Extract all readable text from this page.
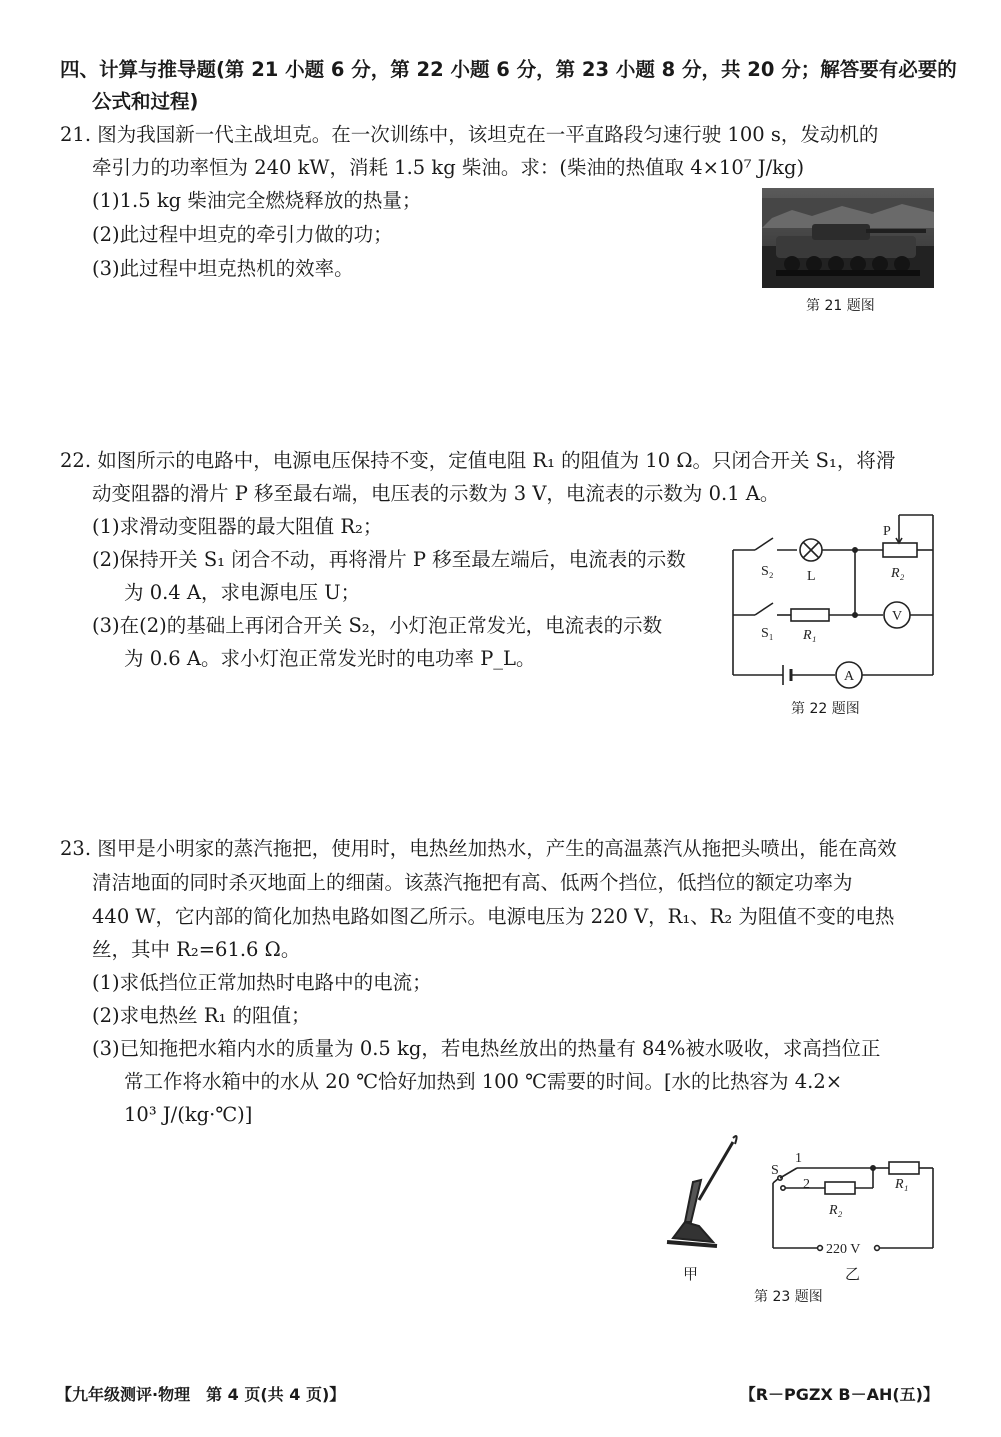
四、计算与推导题(第 21 小题 6 分，第 22 小题 6 分，第 23 小题 8 分，共 20 分；解答要有必要的
公式和过程)
21. 图为我国新一代主战坦克。在一次训练中，该坦克在一平直路段匀速行驶 100 s，发动机的
牵引力的功率恒为 240 kW，消耗 1.5 kg 柴油。求：(柴油的热值取 4×10⁷ J/kg)
(1)1.5 kg 柴油完全燃烧释放的热量；
(2)此过程中坦克的牵引力做的功；
(3)此过程中坦克热机的效率。
第 21 题图
22. 如图所示的电路中，电源电压保持不变，定值电阻 R₁ 的阻值为 10 Ω。只闭合开关 S₁，将滑
动变阻器的滑片 P 移至最右端，电压表的示数为 3 V，电流表的示数为 0.1 A。
(1)求滑动变阻器的最大阻值 R₂；
(2)保持开关 S₁ 闭合不动，再将滑片 P 移至最左端后，电流表的示数
为 0.4 A，求电源电压 U；
(3)在(2)的基础上再闭合开关 S₂，小灯泡正常发光，电流表的示数
为 0.6 A。求小灯泡正常发光时的电功率 P_L。
S₂ L
P
R₂
S₁ R₁
V
A
第 22 题图
23. 图甲是小明家的蒸汽拖把，使用时，电热丝加热水，产生的高温蒸汽从拖把头喷出，能在高效
清洁地面的同时杀灭地面上的细菌。该蒸汽拖把有高、低两个挡位，低挡位的额定功率为
440 W，它内部的简化加热电路如图乙所示。电源电压为 220 V，R₁、R₂ 为阻值不变的电热
丝，其中 R₂=61.6 Ω。
(1)求低挡位正常加热时电路中的电流；
(2)求电热丝 R₁ 的阻值；
(3)已知拖把水箱内水的质量为 0.5 kg，若电热丝放出的热量有 84%被水吸收，求高挡位正
常工作将水箱中的水从 20 ℃恰好加热到 100 ℃需要的时间。[水的比热容为 4.2×
10³ J/(kg·℃)]
甲
S
1
2	R₁
R₂
220 V
乙
第 23 题图
【九年级测评·物理　第 4 页(共 4 页)】	【R－PGZX B－AH(五)】
